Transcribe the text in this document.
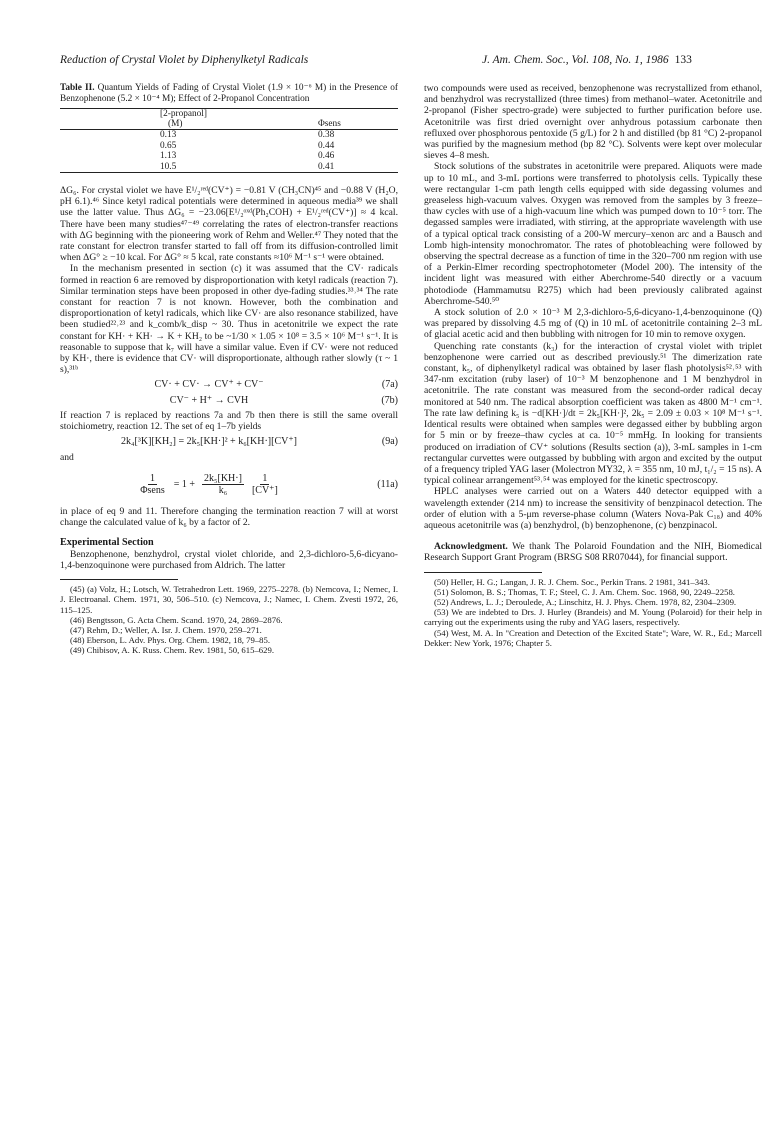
Reduction of Crystal Violet by Diphenylketyl Radicals	J. Am. Chem. Soc., Vol. 108, No. 1, 1986 133
Table II. Quantum Yields of Fading of Crystal Violet (1.9 × 10⁻⁶ M) in the Presence of Benzophenone (5.2 × 10⁻⁴ M); Effect of 2-Propanol Concentration
[2-propanol]	
(M)	Φsens
0.13	0.38
0.65	0.44
1.13	0.46
10.5	0.41

ΔG₆. For crystal violet we have E¹/₂ʳᵉᵈ(CV⁺) = −0.81 V (CH₃CN)⁴⁵ and −0.88 V (H₂O, pH 6.1).⁴⁶ Since ketyl radical potentials were determined in aqueous media³⁹ we shall use the latter value. Thus ΔG₆ = −23.06[E¹/₂ᵒˣᵈ(Ph₂COH) + E¹/₂ʳᵉᵈ(CV⁺)] ≈ 4 kcal. There have been many studies⁴⁷⁻⁴⁹ correlating the rates of electron-transfer reactions with ΔG beginning with the pioneering work of Rehm and Weller.⁴⁷ They noted that the rate constant for electron transfer started to fall off from its diffusion-controlled limit when ΔG° ≥ −10 kcal. For ΔG° ≈ 5 kcal, rate constants ≈10⁶ M⁻¹ s⁻¹ were obtained.

In the mechanism presented in section (c) it was assumed that the CV· radicals formed in reaction 6 are removed by disproportionation with ketyl radicals (reaction 7). Similar termination steps have been proposed in other dye-fading studies.³³˒³⁴ The rate constant for reaction 7 is not known. However, both the combination and disproportionation of ketyl radicals, which like CV· are also resonance stabilized, have been studied²²˒²³ and k_comb/k_disp ~ 30. Thus in acetonitrile we expect the rate constant for KH· + KH· → K + KH₂ to be ~1/30 × 1.05 × 10⁸ = 3.5 × 10⁶ M⁻¹ s⁻¹. It is reasonable to suppose that k₇ will have a similar value. Even if CV· were not reduced by KH·, there is evidence that CV· will disproportionate, although rather slowly (τ ~ 1 s),³¹ᵇ

CV· + CV· → CV⁺ + CV⁻	(7a)
CV⁻ + H⁺ → CVH	(7b)

If reaction 7 is replaced by reactions 7a and 7b then there is still the same overall stoichiometry, reaction 12. The set of eq 1–7b yields

2k₄[³K][KH₂] = 2k₅[KH·]² + k₆[KH·][CV⁺]	(9a)

and

$\frac{1}{\text{Φsens}} = 1 + \frac{\text{2k₅[KH·]}}{\text{k₆}} \frac{1}{[CV^+]}$	(11a)

in place of eq 9 and 11. Therefore changing the termination reaction 7 will at worst change the calculated value of k₆ by a factor of 2.

Experimental Section

Benzophenone, benzhydrol, crystal violet chloride, and 2,3-dichloro-5,6-dicyano-1,4-benzoquinone were purchased from Aldrich. The latter

(45) (a) Volz, H.; Lotsch, W. Tetrahedron Lett. 1969, 2275–2278. (b) Nemcova, I.; Nemec, I. J. Electroanal. Chem. 1971, 30, 506–510. (c) Nemcova, J.; Namec, I. Chem. Zvesti 1972, 26, 115–125.

(46) Bengtsson, G. Acta Chem. Scand. 1970, 24, 2869–2876.

(47) Rehm, D.; Weller, A. Isr. J. Chem. 1970, 259–271.

(48) Eberson, L. Adv. Phys. Org. Chem. 1982, 18, 79–85.

(49) Chibisov, A. K. Russ. Chem. Rev. 1981, 50, 615–629.

two compounds were used as received, benzophenone was recrystallized from ethanol, and benzhydrol was recrystallized (three times) from methanol–water. Acetonitrile and 2-propanol (Fisher spectro-grade) were subjected to further purification before use. Acetonitrile was first dried overnight over anhydrous potassium carbonate then refluxed over phosphorous pentoxide (5 g/L) for 2 h and distilled (bp 81 °C) 2-propanol was purified by the magnesium method (bp 82 °C). Solvents were kept over molecular sieves 4–8 mesh.

Stock solutions of the substrates in acetonitrile were prepared. Aliquots were made up to 10 mL, and 3-mL portions were transferred to photolysis cells. Typically these were rectangular 1-cm path length cells equipped with side degassing volumes and greaseless high-vacuum valves. Oxygen was removed from the samples by 3 freeze–thaw cycles with use of a high-vacuum line which was pumped down to 10⁻⁵ torr. The degassed samples were irradiated, with stirring, at the appropriate wavelength with use of a typical optical track consisting of a 200-W mercury–xenon arc and a Bausch and Lomb high-intensity monochromator. The rates of photobleaching were followed by observing the spectral decrease as a function of time in the 320–700 nm region with use of a Perkin-Elmer recording spectrophotometer (Model 200). The intensity of the incident light was measured with either Aberchrome-540 directly or a vacuum photodiode (Hammamutsu R275) which had been previously calibrated against Aberchrome-540.⁵⁰

A stock solution of 2.0 × 10⁻³ M 2,3-dichloro-5,6-dicyano-1,4-benzoquinone (Q) was prepared by dissolving 4.5 mg of (Q) in 10 mL of acetonitrile containing 2–3 mL of glacial acetic acid and then bubbling with nitrogen for 10 min to remove oxygen.

Quenching rate constants (k₃) for the interaction of crystal violet with triplet benzophenone were carried out as described previously.⁵¹ The dimerization rate constant, k₅, of diphenylketyl radical was obtained by laser flash photolysis⁵²˒⁵³ with 347-nm excitation (ruby laser) of 10⁻³ M benzophenone and 1 M benzhydrol in acetonitrile. The rate constant was measured from the second-order radical decay monitored at 540 nm. The radical absorption coefficient was taken as 4800 M⁻¹ cm⁻¹. The rate law defining k₅ is −d[KH·]/dt = 2k₅[KH·]², 2k₅ = 2.09 ± 0.03 × 10⁸ M⁻¹ s⁻¹. Identical results were obtained when samples were degassed either by bubbling argon for 5 min or by freeze–thaw cycles at ca. 10⁻⁵ mmHg. In looking for transients produced on irradiation of CV⁺ solutions (Results section (a)), 3-mL samples in 1-cm rectangular curvettes were outgassed by bubbling with argon and excited by the output of a frequency tripled YAG laser (Molectron MY32, λ = 355 nm, 10 mJ, t₁/₂ = 15 ns). A typical colinear arrangement⁵³˒⁵⁴ was employed for the kinetic spectroscopy.

HPLC analyses were carried out on a Waters 440 detector equipped with a wavelength extender (214 nm) to increase the sensitivity of benzpinacol detection. The order of elution with a 5-μm reverse-phase column (Waters Nova-Pak C₁₈) and 40% aqueous acetonitrile was (a) benzhydrol, (b) benzophenone, (c) benzpinacol.

Acknowledgment. We thank The Polaroid Foundation and the NIH, Biomedical Research Support Grant Program (BRSG S08 RR07044), for financial support.

(50) Heller, H. G.; Langan, J. R. J. Chem. Soc., Perkin Trans. 2 1981, 341–343.

(51) Solomon, B. S.; Thomas, T. F.; Steel, C. J. Am. Chem. Soc. 1968, 90, 2249–2258.

(52) Andrews, L. J.; Deroulede, A.; Linschitz, H. J. Phys. Chem. 1978, 82, 2304–2309.

(53) We are indebted to Drs. J. Hurley (Brandeis) and M. Young (Polaroid) for their help in carrying out the experiments using the ruby and YAG lasers, respectively.

(54) West, M. A. In "Creation and Detection of the Excited State"; Ware, W. R., Ed.; Marcell Dekker: New York, 1976; Chapter 5.
